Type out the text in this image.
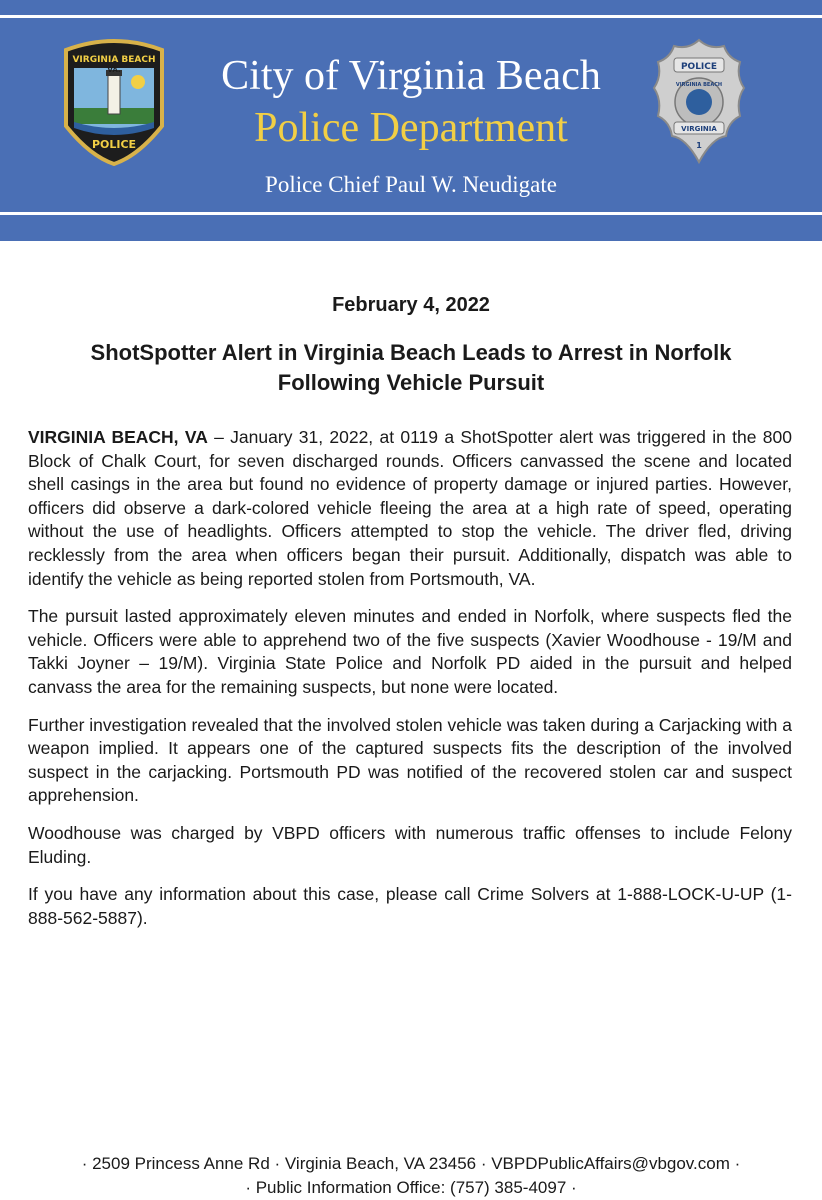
VIRGINIA BEACH
VA.
POLICE
City of Virginia Beach
Police Department
Police Chief Paul W. Neudigate
POLICE
VIRGINIA BEACH
VIRGINIA
1
February 4, 2022
ShotSpotter Alert in Virginia Beach Leads to Arrest in Norfolk
Following Vehicle Pursuit

VIRGINIA BEACH, VA – January 31, 2022, at 0119 a ShotSpotter alert was triggered in the 800 Block of Chalk Court, for seven discharged rounds. Officers canvassed the scene and located shell casings in the area but found no evidence of property damage or injured parties. However, officers did observe a dark-colored vehicle fleeing the area at a high rate of speed, operating without the use of headlights. Officers attempted to stop the vehicle. The driver fled, driving recklessly from the area when officers began their pursuit. Additionally, dispatch was able to identify the vehicle as being reported stolen from Portsmouth, VA.

The pursuit lasted approximately eleven minutes and ended in Norfolk, where suspects fled the vehicle. Officers were able to apprehend two of the five suspects (Xavier Woodhouse - 19/M and Takki Joyner – 19/M). Virginia State Police and Norfolk PD aided in the pursuit and helped canvass the area for the remaining suspects, but none were located.

Further investigation revealed that the involved stolen vehicle was taken during a Carjacking with a weapon implied. It appears one of the captured suspects fits the description of the involved suspect in the carjacking. Portsmouth PD was notified of the recovered stolen car and suspect apprehension.

Woodhouse was charged by VBPD officers with numerous traffic offenses to include Felony Eluding.

If you have any information about this case, please call Crime Solvers at 1-888-LOCK-U-UP (1-888-562-5887).

· 2509 Princess Anne Rd · Virginia Beach, VA 23456 · VBPDPublicAffairs@vbgov.com ·
· Public Information Office: (757) 385-4097 ·
